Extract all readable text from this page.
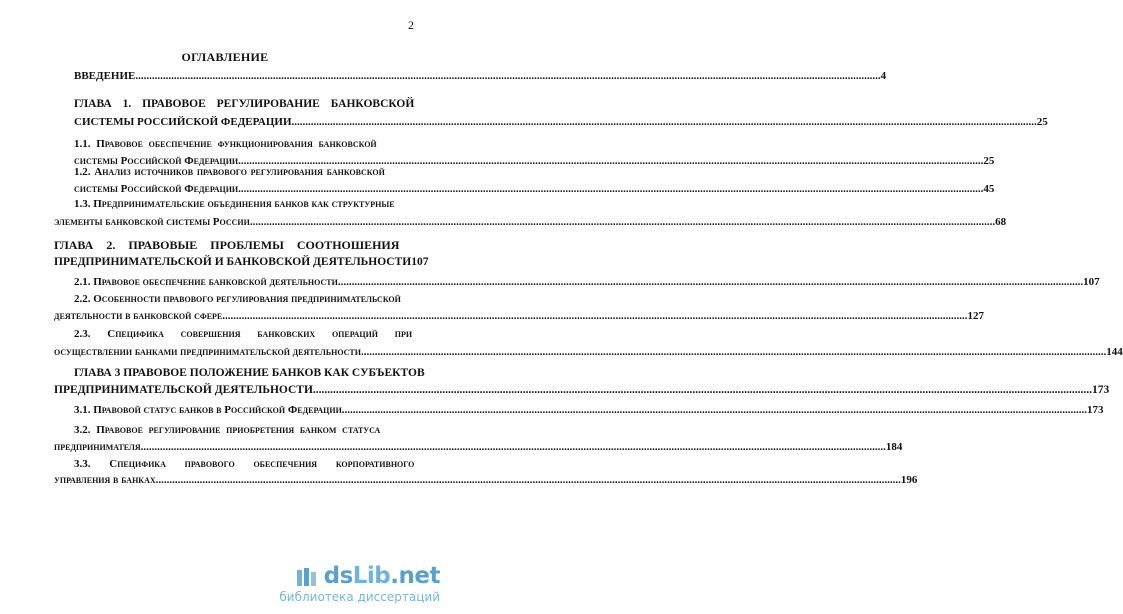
2
ОГЛАВЛЕНИЕ
ВВЕДЕНИЕ .....	4
ГЛАВА 1. ПРАВОВОЕ РЕГУЛИРОВАНИЕ БАНКОВСКОЙ
СИСТЕМЫ РОССИЙСКОЙ ФЕДЕРАЦИИ .....	25
1.1. Правовое обеспечение функционирования банковской
системы Российской Федерации .....	25
1.2. Анализ источников правового регулирования банковской
системы Российской Федерации .....	45
1.3. Предпринимательские объединения банков как структурные
элементы банковской системы России .....	68
ГЛАВА 2. ПРАВОВЫЕ ПРОБЛЕМЫ СООТНОШЕНИЯ
ПРЕДПРИНИМАТЕЛЬСКОЙ И БАНКОВСКОЙ ДЕЯТЕЛЬНОСТИ 107
2.1. Правовое обеспечение банковской деятельности .....	107
2.2. Особенности правового регулирования предпринимательской
деятельности в банковской сфере .....	127
2.3. Специфика совершения банковских операций при
осуществлении банками предпринимательской деятельности .....	144
ГЛАВА 3 ПРАВОВОЕ ПОЛОЖЕНИЕ БАНКОВ КАК СУБЪЕКТОВ
ПРЕДПРИНИМАТЕЛЬСКОЙ ДЕЯТЕЛЬНОСТИ .....	173
3.1. Правовой статус банков в Российской Федерации .....	173
3.2. Правовое регулирование приобретения банком статуса
предпринимателя .....	184
3.3. Специфика правового обеспечения корпоративного
управления в банках .....	196
dsLib.net
библиотека диссертаций
